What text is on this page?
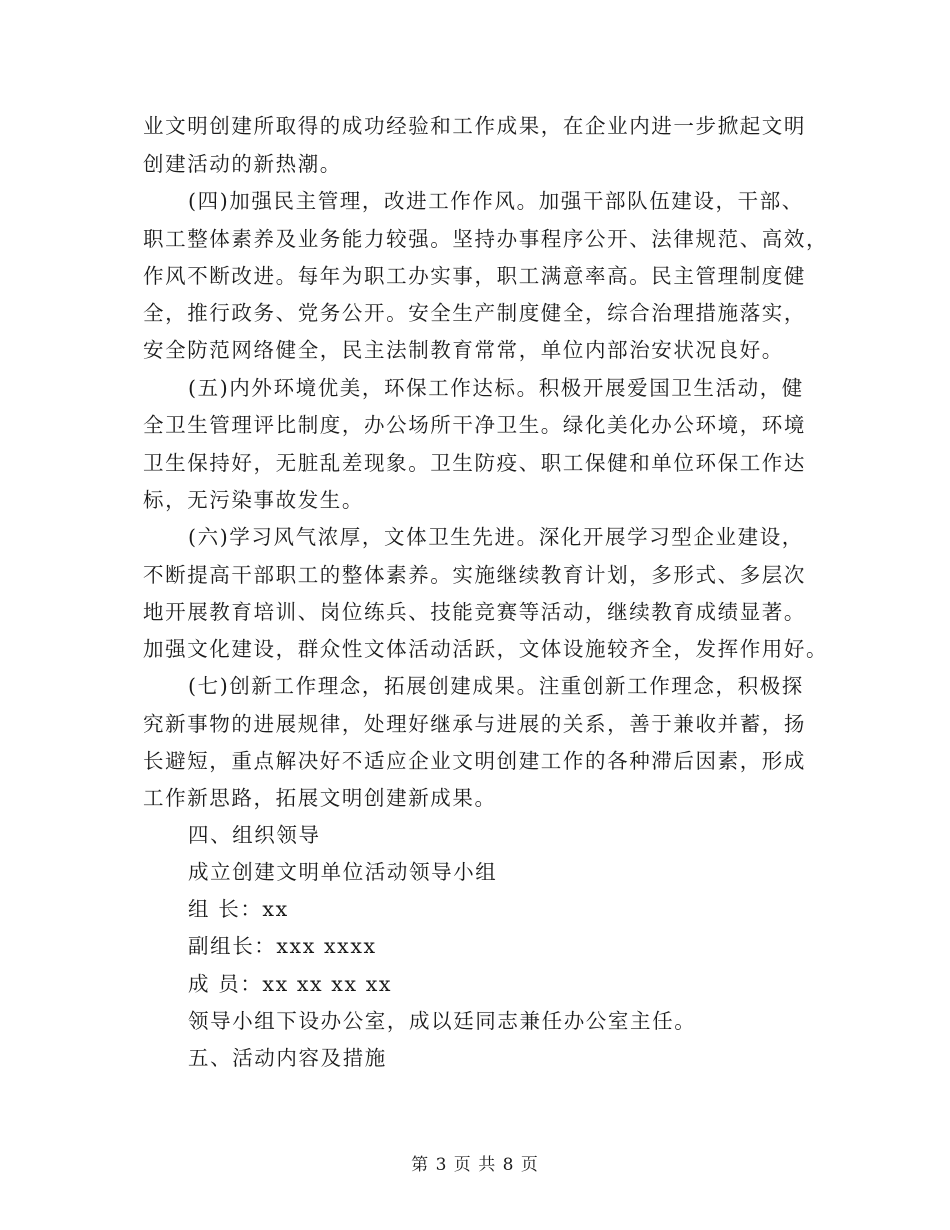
业文明创建所取得的成功经验和工作成果，在企业内进一步掀起文明
创建活动的新热潮。
(四)加强民主管理，改进工作作风。加强干部队伍建设，干部、
职工整体素养及业务能力较强。坚持办事程序公开、法律规范、高效，
作风不断改进。每年为职工办实事，职工满意率高。民主管理制度健
全，推行政务、党务公开。安全生产制度健全，综合治理措施落实，
安全防范网络健全，民主法制教育常常，单位内部治安状况良好。
(五)内外环境优美，环保工作达标。积极开展爱国卫生活动，健
全卫生管理评比制度，办公场所干净卫生。绿化美化办公环境，环境
卫生保持好，无脏乱差现象。卫生防疫、职工保健和单位环保工作达
标，无污染事故发生。
(六)学习风气浓厚，文体卫生先进。深化开展学习型企业建设，
不断提高干部职工的整体素养。实施继续教育计划，多形式、多层次
地开展教育培训、岗位练兵、技能竞赛等活动，继续教育成绩显著。
加强文化建设，群众性文体活动活跃，文体设施较齐全，发挥作用好。
(七)创新工作理念，拓展创建成果。注重创新工作理念，积极探
究新事物的进展规律，处理好继承与进展的关系，善于兼收并蓄，扬
长避短，重点解决好不适应企业文明创建工作的各种滞后因素，形成
工作新思路，拓展文明创建新成果。
四、组织领导
成立创建文明单位活动领导小组
组 长：xx
副组长：xxx xxxx
成 员：xx xx xx xx
领导小组下设办公室，成以廷同志兼任办公室主任。
五、活动内容及措施
第 3 页 共 8 页
